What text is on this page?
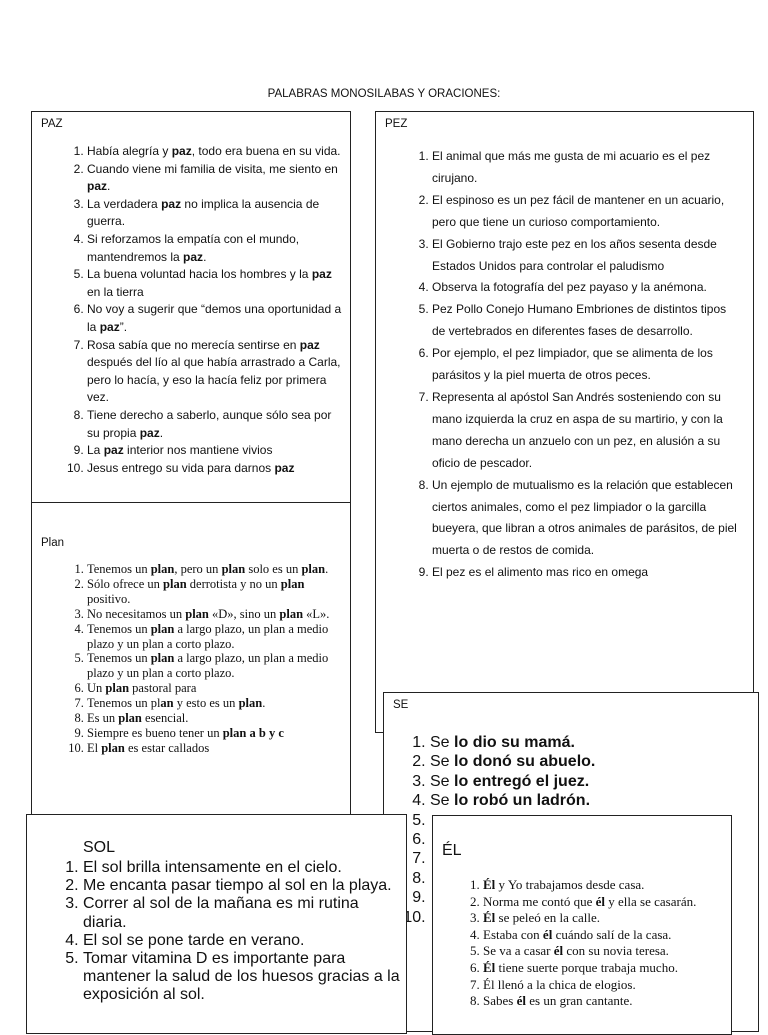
PALABRAS MONOSILABAS Y ORACIONES:
PAZ
1. Había alegría y paz, todo era buena en su vida.
2. Cuando viene mi familia de visita, me siento en paz.
3. La verdadera paz no implica la ausencia de guerra.
4. Si reforzamos la empatía con el mundo, mantendremos la paz.
5. La buena voluntad hacia los hombres y la paz en la tierra
6. No voy a sugerir que “demos una oportunidad a la paz”.
7. Rosa sabía que no merecía sentirse en paz después del lío al que había arrastrado a Carla, pero lo hacía, y eso la hacía feliz por primera vez.
8. Tiene derecho a saberlo, aunque sólo sea por su propia paz.
9. La paz interior nos mantiene vivios
10. Jesus entrego su vida para darnos paz
Plan
1. Tenemos un plan, pero un plan solo es un plan.
2. Sólo ofrece un plan derrotista y no un plan positivo.
3. No necesitamos un plan «D», sino un plan «L».
4. Tenemos un plan a largo plazo, un plan a medio plazo y un plan a corto plazo.
5. Tenemos un plan a largo plazo, un plan a medio plazo y un plan a corto plazo.
6. Un plan pastoral para
7. Tenemos un plan y esto es un plan.
8. Es un plan esencial.
9. Siempre es bueno tener un plan a b y c
10. El plan es estar callados
PEZ
1. El animal que más me gusta de mi acuario es el pez cirujano.
2. El espinoso es un pez fácil de mantener en un acuario, pero que tiene un curioso comportamiento.
3. El Gobierno trajo este pez en los años sesenta desde Estados Unidos para controlar el paludismo
4. Observa la fotografía del pez payaso y la anémona.
5. Pez Pollo Conejo Humano Embriones de distintos tipos de vertebrados en diferentes fases de desarrollo.
6. Por ejemplo, el pez limpiador, que se alimenta de los parásitos y la piel muerta de otros peces.
7. Representa al apóstol San Andrés sosteniendo con su mano izquierda la cruz en aspa de su martirio, y con la mano derecha un anzuelo con un pez, en alusión a su oficio de pescador.
8. Un ejemplo de mutualismo es la relación que establecen ciertos animales, como el pez limpiador o la garcilla bueyera, que libran a otros animales de parásitos, de piel muerta o de restos de comida.
9. El pez es el alimento mas rico en omega
SE
1. Se lo dio su mamá.
2. Se lo donó su abuelo.
3. Se lo entregó el juez.
4. Se lo robó un ladrón.
5.
6.
7.
8.
9.
10.
SOL
1. El sol brilla intensamente en el cielo.
2. Me encanta pasar tiempo al sol en la playa.
3. Correr al sol de la mañana es mi rutina diaria.
4. El sol se pone tarde en verano.
5. Tomar vitamina D es importante para mantener la salud de los huesos gracias a la exposición al sol.
ÉL
1. Él y Yo trabajamos desde casa.
2. Norma me contó que él y ella se casarán.
3. Él se peleó en la calle.
4. Estaba con él cuándo salí de la casa.
5. Se va a casar él con su novia teresa.
6. Él tiene suerte porque trabaja mucho.
7. Él llenó a la chica de elogios.
8. Sabes él es un gran cantante.
